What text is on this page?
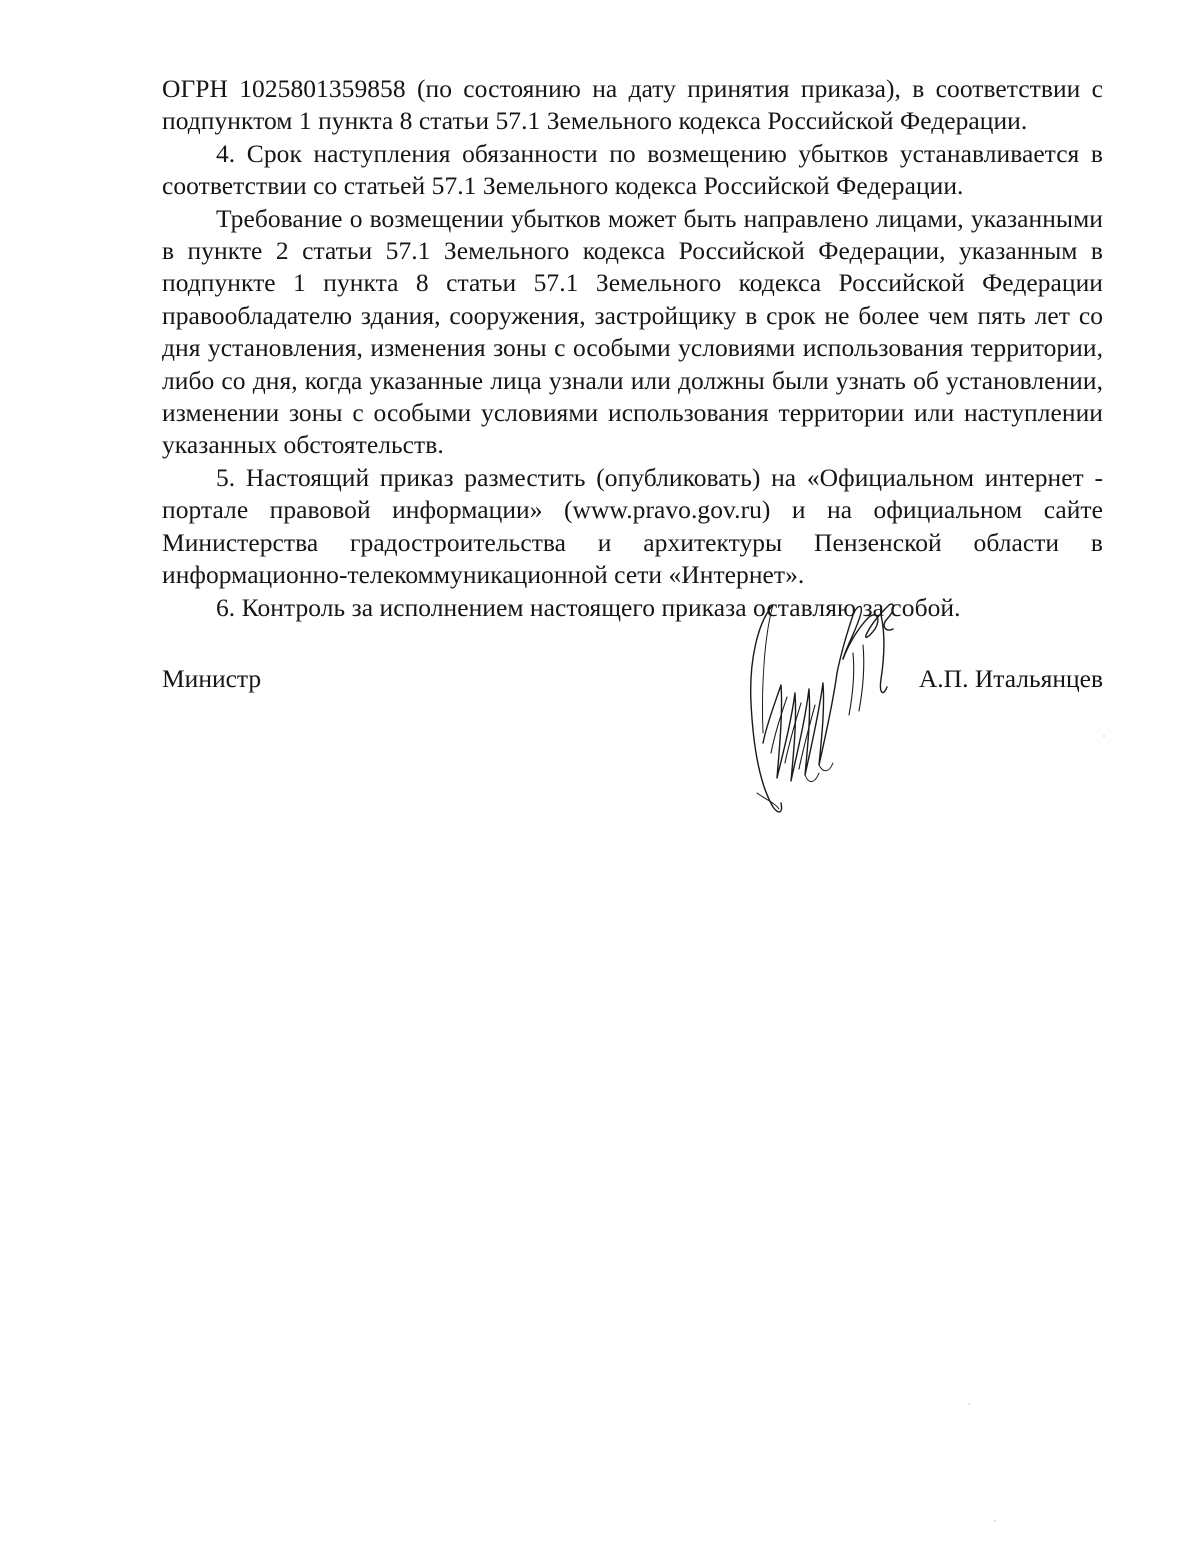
ОГРН 1025801359858 (по состоянию на дату принятия приказа), в соответствии с подпунктом 1 пункта 8 статьи 57.1 Земельного кодекса Российской Федерации.

4. Срок наступления обязанности по возмещению убытков устанавливается в соответствии со статьей 57.1 Земельного кодекса Российской Федерации.

Требование о возмещении убытков может быть направлено лицами, указанными в пункте 2 статьи 57.1 Земельного кодекса Российской Федерации, указанным в подпункте 1 пункта 8 статьи 57.1 Земельного кодекса Российской Федерации правообладателю здания, сооружения, застройщику в срок не более чем пять лет со дня установления, изменения зоны с особыми условиями использования территории, либо со дня, когда указанные лица узнали или должны были узнать об установлении, изменении зоны с особыми условиями использования территории или наступлении указанных обстоятельств.

5. Настоящий приказ разместить (опубликовать) на «Официальном интернет - портале правовой информации» (www.pravo.gov.ru) и на официальном сайте Министерства градостроительства и архитектуры Пензенской области в информационно-телекоммуникационной сети «Интернет».

6. Контроль за исполнением настоящего приказа оставляю за собой.

Министр	А.П. Итальянцев
